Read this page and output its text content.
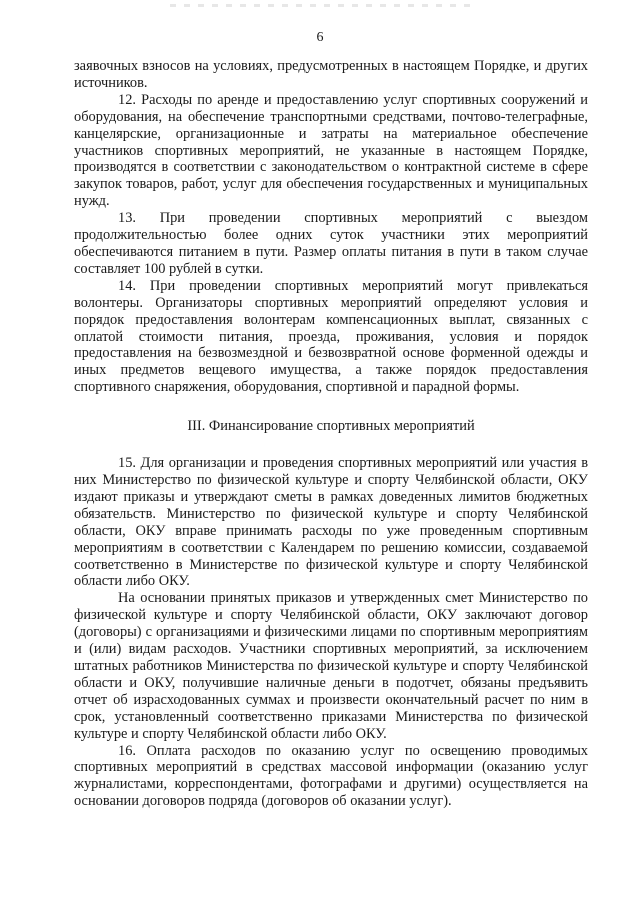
6

заявочных взносов на условиях, предусмотренных в настоящем Порядке, и других источников.

12. Расходы по аренде и предоставлению услуг спортивных сооружений и оборудования, на обеспечение транспортными средствами, почтово-телеграфные, канцелярские, организационные и затраты на материальное обеспечение участников спортивных мероприятий, не указанные в настоящем Порядке, производятся в соответствии с законодательством о контрактной системе в сфере закупок товаров, работ, услуг для обеспечения государственных и муниципальных нужд.

13. При проведении спортивных мероприятий с выездом продолжительностью более одних суток участники этих мероприятий обеспечиваются питанием в пути. Размер оплаты питания в пути в таком случае составляет 100 рублей в сутки.

14. При проведении спортивных мероприятий могут привлекаться волонтеры. Организаторы спортивных мероприятий определяют условия и порядок предоставления волонтерам компенсационных выплат, связанных с оплатой стоимости питания, проезда, проживания, условия и порядок предоставления на безвозмездной и безвозвратной основе форменной одежды и иных предметов вещевого имущества, а также порядок предоставления спортивного снаряжения, оборудования, спортивной и парадной формы.

III. Финансирование спортивных мероприятий

15. Для организации и проведения спортивных мероприятий или участия в них Министерство по физической культуре и спорту Челябинской области, ОКУ издают приказы и утверждают сметы в рамках доведенных лимитов бюджетных обязательств. Министерство по физической культуре и спорту Челябинской области, ОКУ вправе принимать расходы по уже проведенным спортивным мероприятиям в соответствии с Календарем по решению комиссии, создаваемой соответственно в Министерстве по физической культуре и спорту Челябинской области либо ОКУ.

На основании принятых приказов и утвержденных смет Министерство по физической культуре и спорту Челябинской области, ОКУ заключают договор (договоры) с организациями и физическими лицами по спортивным мероприятиям и (или) видам расходов. Участники спортивных мероприятий, за исключением штатных работников Министерства по физической культуре и спорту Челябинской области и ОКУ, получившие наличные деньги в подотчет, обязаны предъявить отчет об израсходованных суммах и произвести окончательный расчет по ним в срок, установленный соответственно приказами Министерства по физической культуре и спорту Челябинской области либо ОКУ.

16. Оплата расходов по оказанию услуг по освещению проводимых спортивных мероприятий в средствах массовой информации (оказанию услуг журналистами, корреспондентами, фотографами и другими) осуществляется на основании договоров подряда (договоров об оказании услуг).
